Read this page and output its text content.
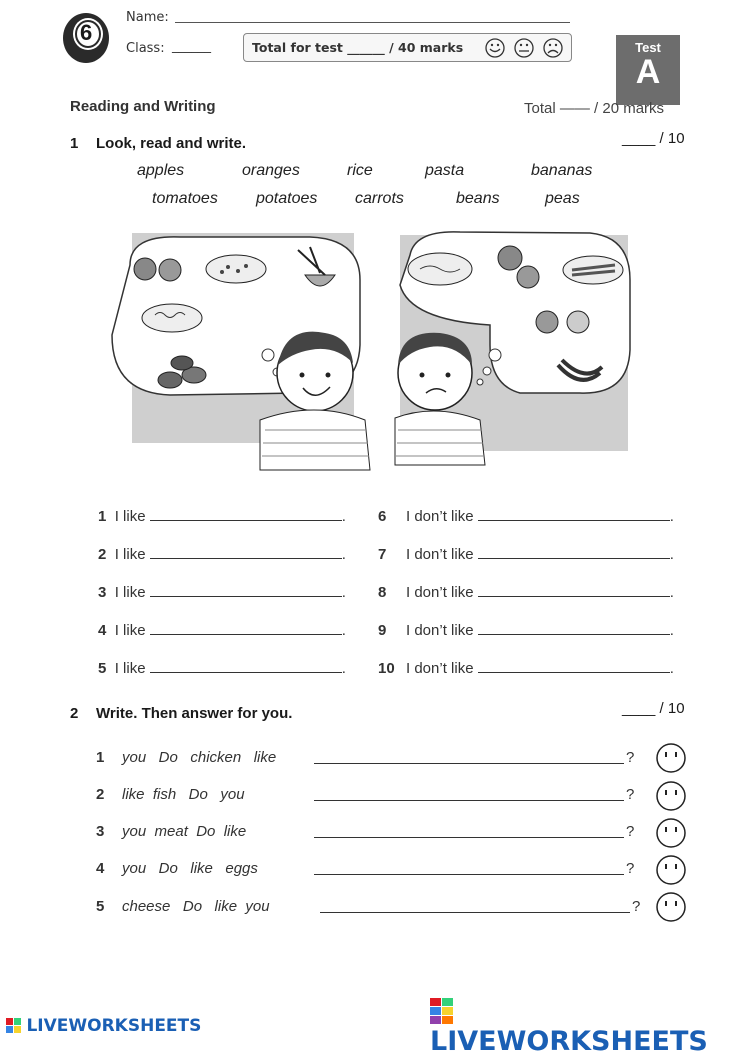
6
Name:
Class: ______	Total for test ______ / 40 marks	Test
A
Reading and Writing	Total —— / 20 marks
1 Look, read and write.	____ / 10
apples	oranges	rice	pasta	bananas
tomatoes potatoes carrots	beans	peas
1 I like	.
2 I like	.
3 I like	.
4 I like	.
5 I like	.
6 I don’t like	.
7 I don’t like	.
8 I don’t like	.
9 I don’t like	.
10 I don’t like	.
2 Write. Then answer for you.	____ / 10
1 you   Do   chicken   like	?
2 like  fish   Do   you	?
3 you  meat  Do  like	?
4 you   Do   like   eggs	?
5 cheese   Do   like  you	?
LIVEWORKSHEETS	LIVEWORKSHEETS
